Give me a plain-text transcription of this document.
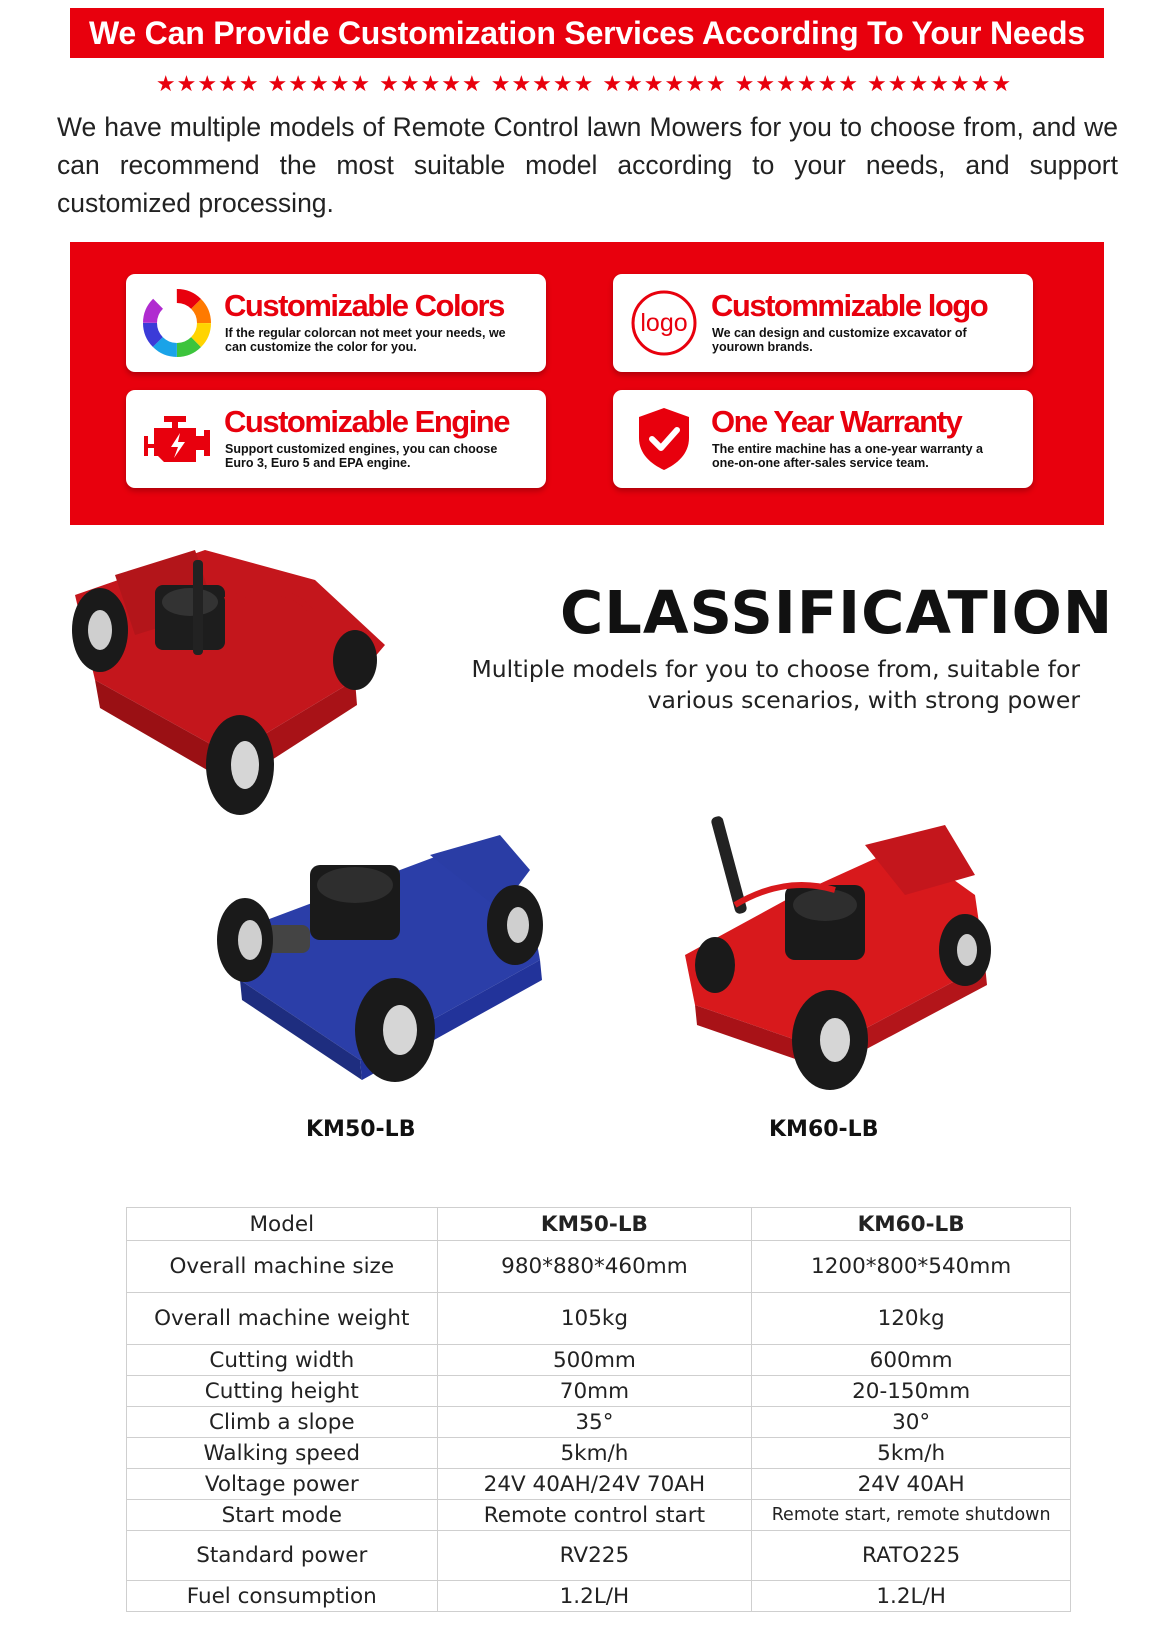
We Can Provide Customization Services According To Your Needs
★★★★★ ★★★★★ ★★★★★ ★★★★★ ★★★★★★ ★★★★★★ ★★★★★★★
We have multiple models of Remote Control lawn Mowers for you to choose from, and we can recommend the most suitable model according to your needs, and support customized processing.
Customizable Colors
If the regular colorcan not meet your needs, we can customize the color for you.
logo Custommizable logo
We can design and customize excavator of yourown brands.
Customizable Engine
Support customized engines, you can choose Euro 3, Euro 5 and EPA engine.
One Year Warranty
The entire machine has a one-year warranty a one-on-one after-sales service team.
CLASSIFICATION
Multiple models for you to choose from, suitable for
various scenarios, with strong power
KM50-LB	KM60-LB
Model	KM50-LB	KM60-LB
Overall machine size	980*880*460mm	1200*800*540mm
Overall machine weight	105kg	120kg
Cutting width	500mm	600mm
Cutting height	70mm	20-150mm
Climb a slope	35°	30°
Walking speed	5km/h	5km/h
Voltage power	24V 40AH/24V 70AH	24V 40AH
Start mode	Remote control start	Remote start, remote shutdown
Standard power	RV225	RATO225
Fuel consumption	1.2L/H	1.2L/H
